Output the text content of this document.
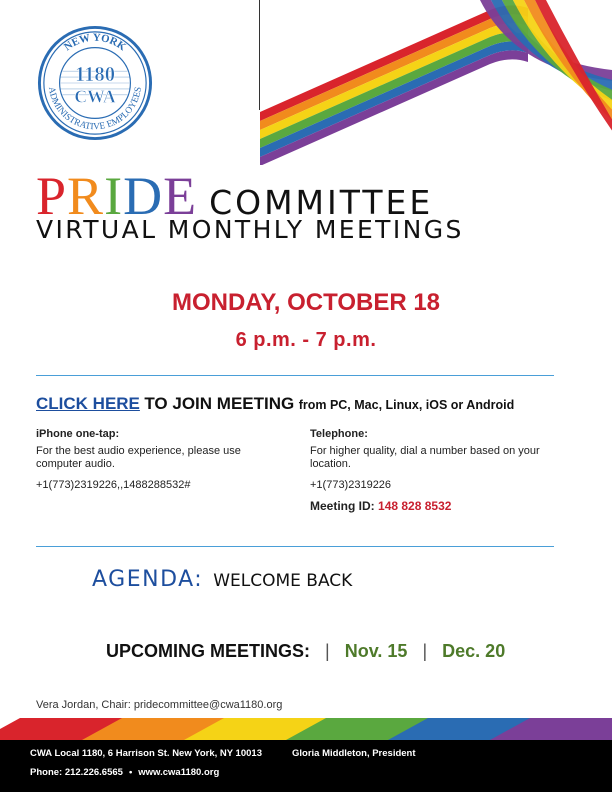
NEW YORK
ADMINISTRATIVE EMPLOYEES
1180
CWA
PRIDE COMMITTEE
VIRTUAL MONTHLY MEETINGS
MONDAY, OCTOBER 18
6 p.m. - 7 p.m.
CLICK HERE TO JOIN MEETING from PC, Mac, Linux, iOS or Android
iPhone one-tap:

For the best audio experience, please use computer audio.

+1(773)2319226,,1488288532#

Telephone:

For higher quality, dial a number based on your location.

+1(773)2319226

Meeting ID: 148 828 8532

AGENDA: WELCOME BACK
UPCOMING MEETINGS: | Nov. 15 | Dec. 20
Vera Jordan, Chair: pridecommittee@cwa1180.org
CWA Local 1180, 6 Harrison St. New York, NY 10013	Gloria Middleton, President
Phone: 212.226.6565 • www.cwa1180.org
